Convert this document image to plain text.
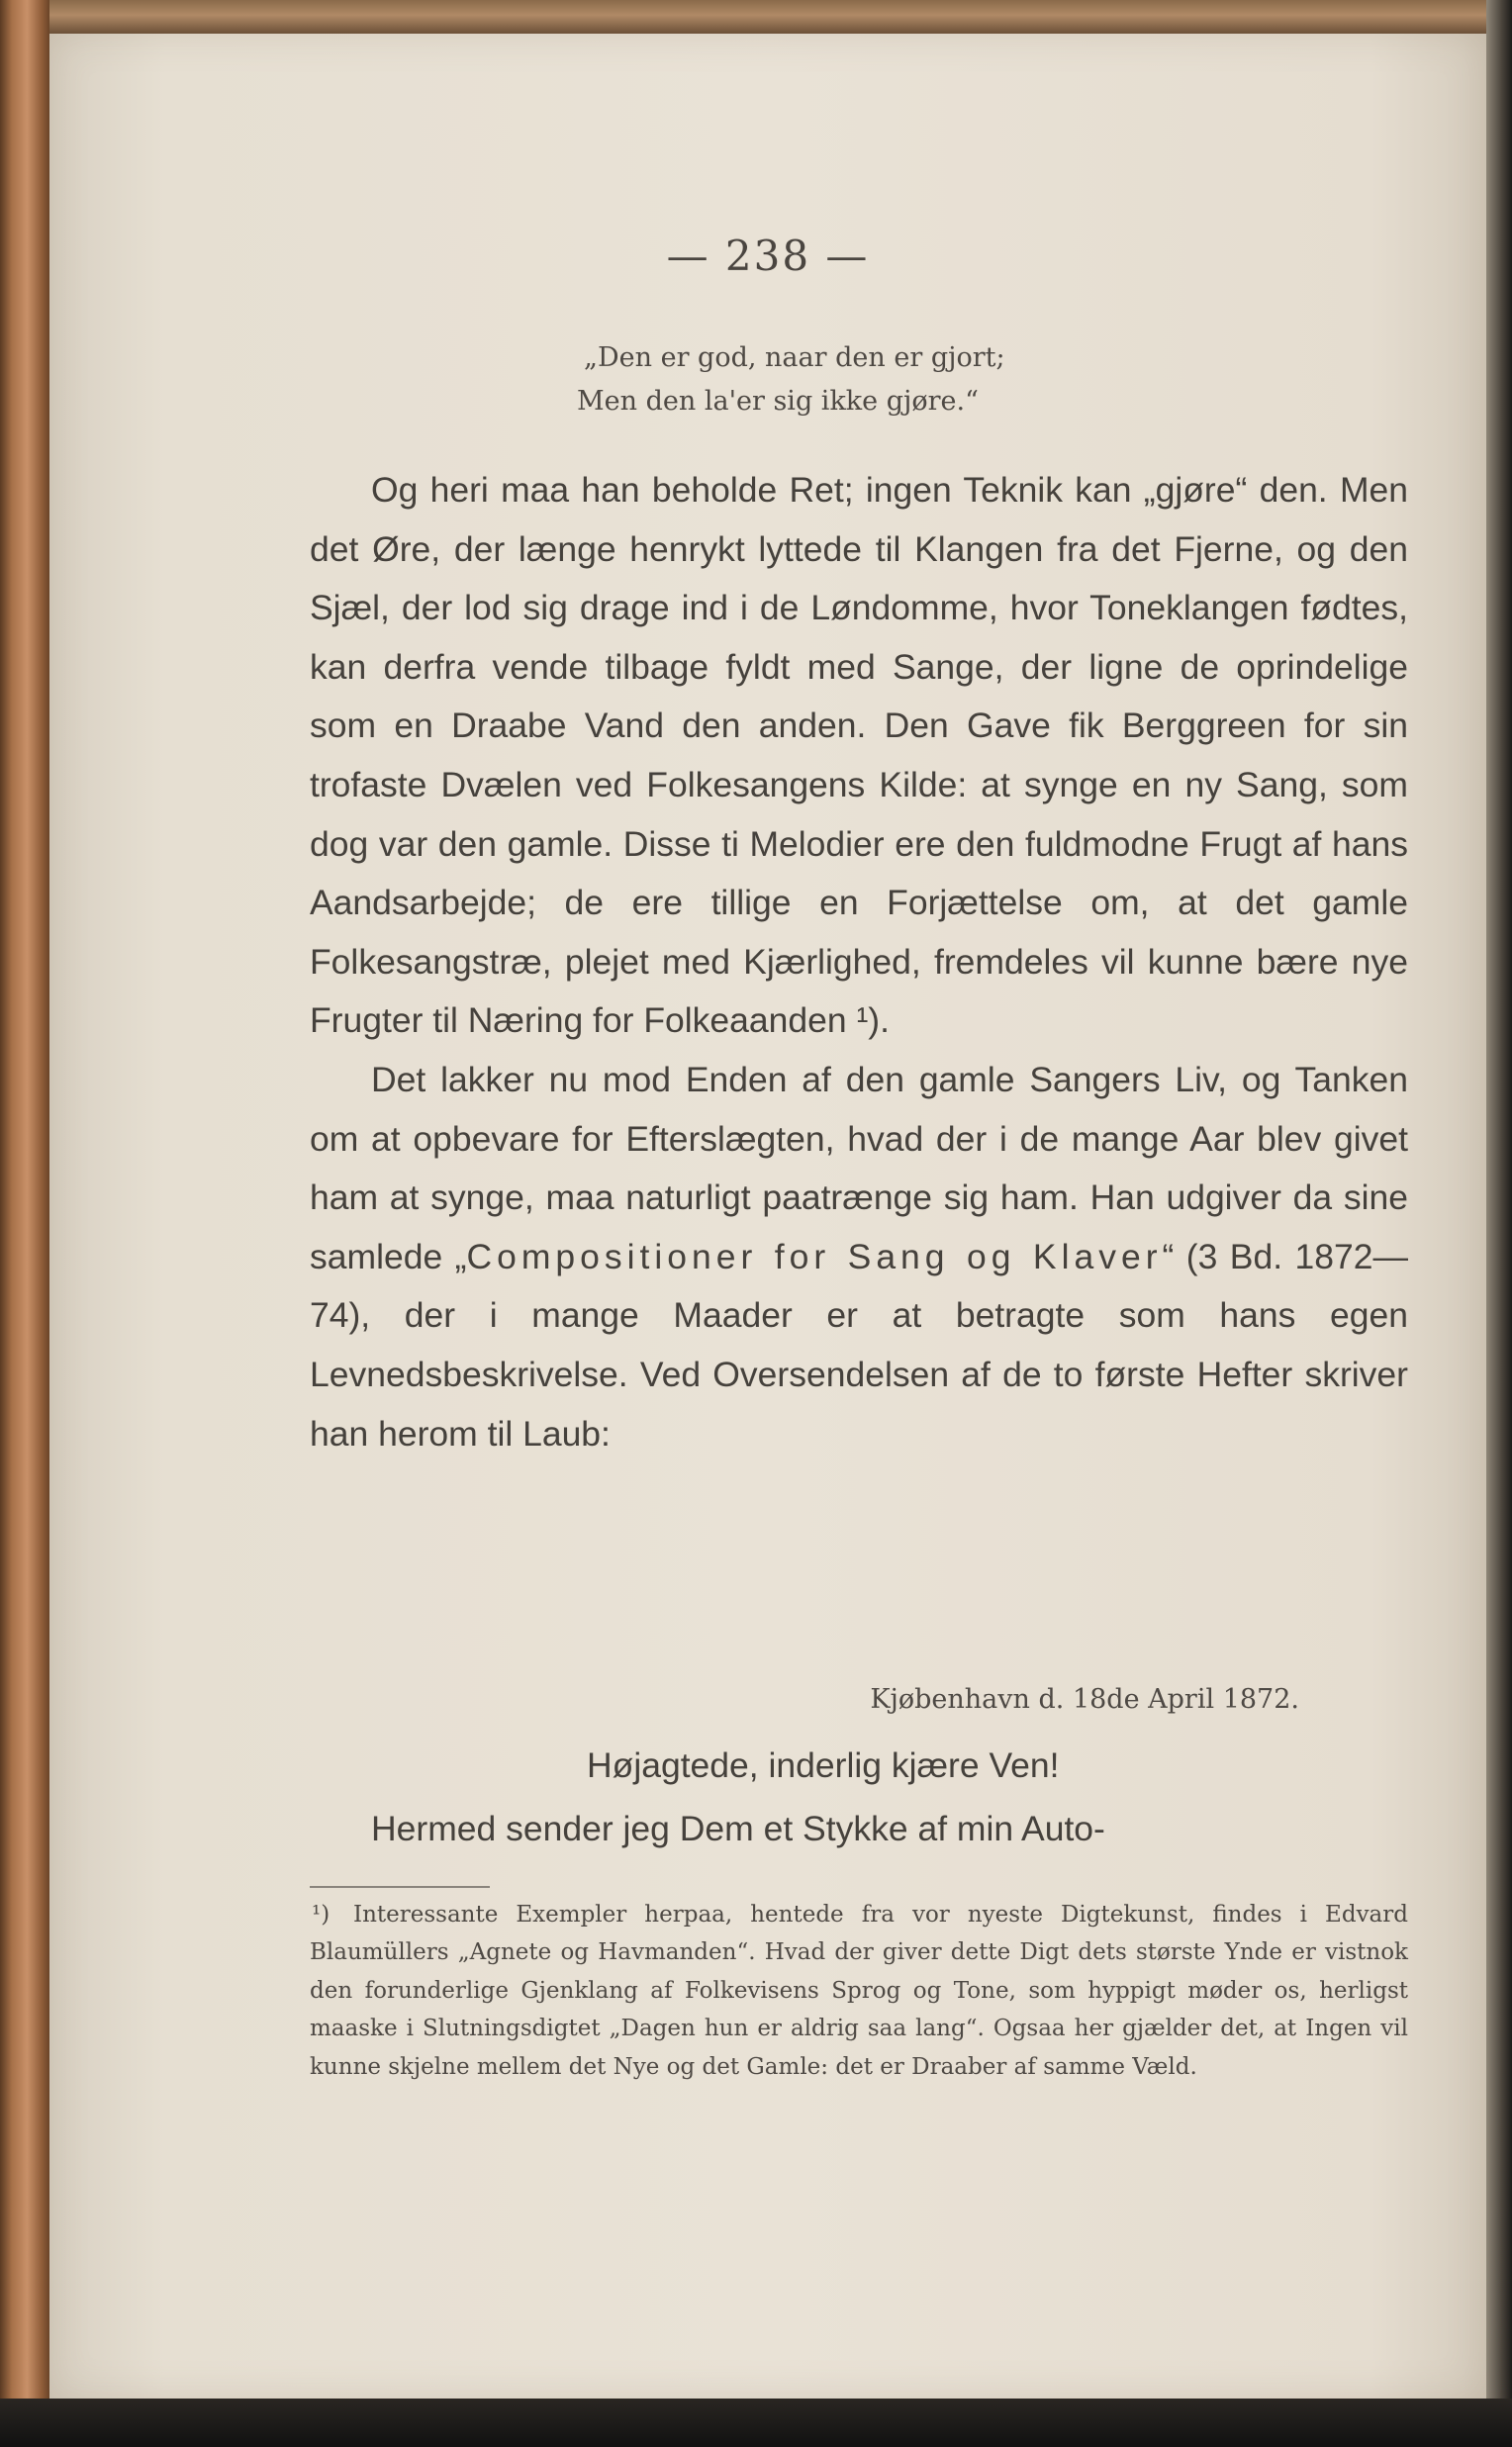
— 238 —
„Den er god, naar den er gjort;
Men den la'er sig ikke gjøre.“

Og heri maa han beholde Ret; ingen Teknik kan „gjøre“ den. Men det Øre, der længe henrykt lyttede til Klangen fra det Fjerne, og den Sjæl, der lod sig drage ind i de Løndomme, hvor Toneklangen fødtes, kan derfra vende tilbage fyldt med Sange, der ligne de oprindelige som en Draabe Vand den anden. Den Gave fik Berggreen for sin trofaste Dvælen ved Folkesangens Kilde: at synge en ny Sang, som dog var den gamle. Disse ti Melodier ere den fuldmodne Frugt af hans Aandsarbejde; de ere tillige en Forjættelse om, at det gamle Folkesangstræ, plejet med Kjærlighed, fremdeles vil kunne bære nye Frugter til Næring for Folkeaanden ¹).

Det lakker nu mod Enden af den gamle Sangers Liv, og Tanken om at opbevare for Efterslægten, hvad der i de mange Aar blev givet ham at synge, maa naturligt paatrænge sig ham. Han udgiver da sine samlede „Compositioner for Sang og Klaver“ (3 Bd. 1872—74), der i mange Maader er at betragte som hans egen Levnedsbeskrivelse. Ved Oversendelsen af de to første Hefter skriver han herom til Laub:

Kjøbenhavn d. 18de April 1872.
Højagtede, inderlig kjære Ven!
Hermed sender jeg Dem et Stykke af min Auto-
¹) Interessante Exempler herpaa, hentede fra vor nyeste Digtekunst, findes i Edvard Blaumüllers „Agnete og Havmanden“. Hvad der giver dette Digt dets største Ynde er vistnok den forunderlige Gjenklang af Folkevisens Sprog og Tone, som hyppigt møder os, herligst maaske i Slutningsdigtet „Dagen hun er aldrig saa lang“. Ogsaa her gjælder det, at Ingen vil kunne skjelne mellem det Nye og det Gamle: det er Draaber af samme Væld.
